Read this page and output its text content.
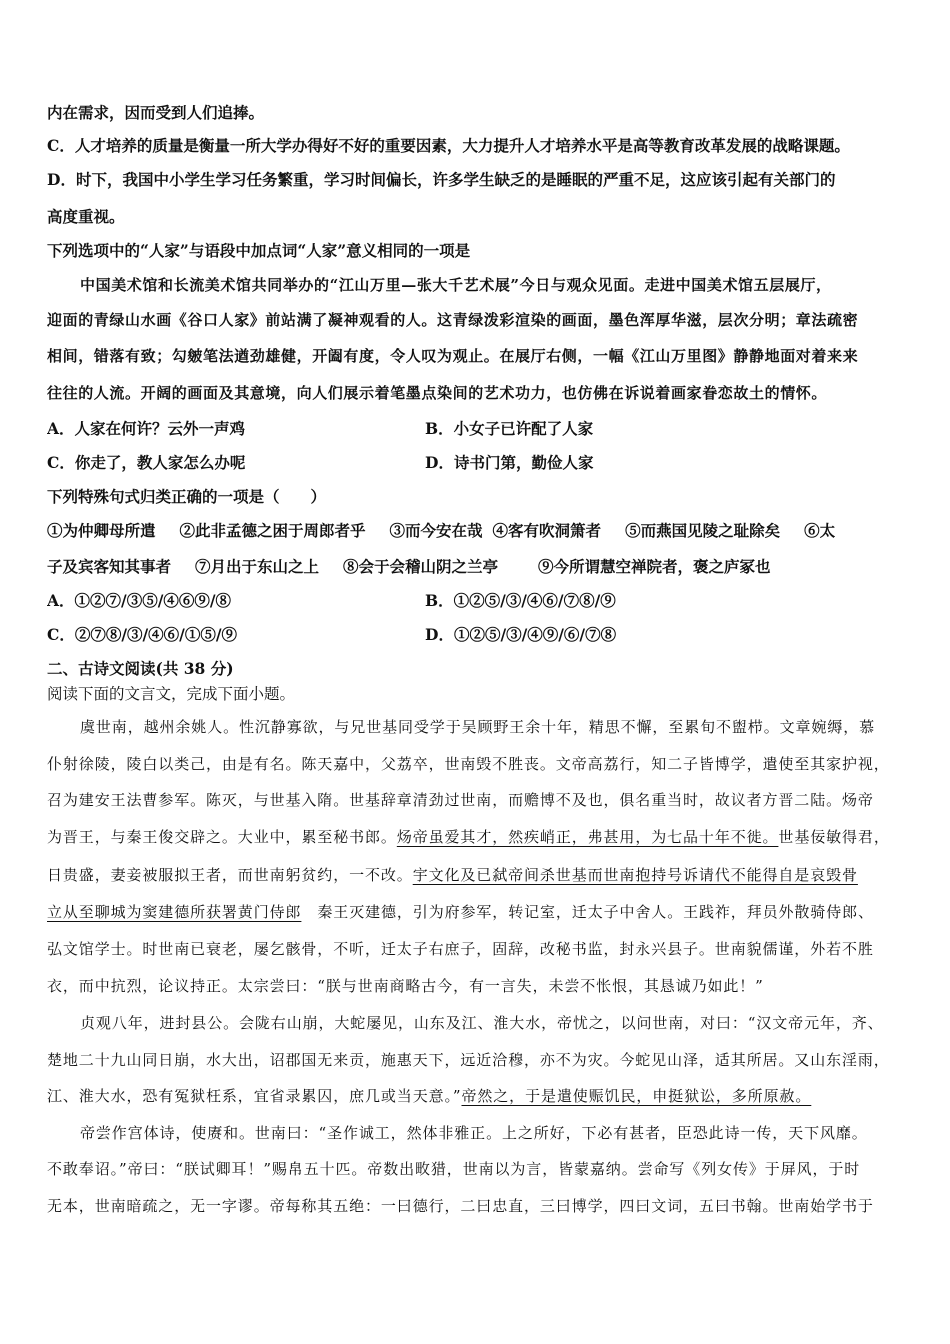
内在需求，因而受到人们追捧。
C．人才培养的质量是衡量一所大学办得好不好的重要因素，大力提升人才培养水平是高等教育改革发展的战略课题。
D．时下，我国中小学生学习任务繁重，学习时间偏长，许多学生缺乏的是睡眠的严重不足，这应该引起有关部门的
高度重视。
下列选项中的“人家”与语段中加点词“人家”意义相同的一项是
中国美术馆和长流美术馆共同举办的“江山万里—张大千艺术展”今日与观众见面。走进中国美术馆五层展厅，
迎面的青绿山水画《谷口人家》前站满了凝神观看的人。这青绿泼彩渲染的画面，墨色浑厚华滋，层次分明；章法疏密
相间，错落有致；勾皴笔法遒劲雄健，开阖有度，令人叹为观止。在展厅右侧，一幅《江山万里图》静静地面对着来来
往往的人流。开阔的画面及其意境，向人们展示着笔墨点染间的艺术功力，也仿佛在诉说着画家眷恋故土的情怀。
A．人家在何许？云外一声鸡	B．小女子已许配了人家
C．你走了，教人家怎么办呢	D．诗书门第，勤俭人家
下列特殊句式归类正确的一项是（　　）
①为仲卿母所遣 ②此非孟德之困于周郎者乎 ③而今安在哉 ④客有吹洞箫者 ⑤而燕国见陵之耻除矣 ⑥太
子及宾客知其事者 ⑦月出于东山之上 ⑧会于会稽山阴之兰亭	⑨今所谓慧空禅院者，褒之庐冢也
A．①②⑦/③⑤/④⑥⑨/⑧	B．①②⑤/③/④⑥/⑦⑧/⑨
C．②⑦⑧/③/④⑥/①⑤/⑨	D．①②⑤/③/④⑨/⑥/⑦⑧
二、古诗文阅读(共 38 分)
阅读下面的文言文，完成下面小题。
虞世南，越州余姚人。性沉静寡欲，与兄世基同受学于吴顾野王余十年，精思不懈，至累旬不盥栉。文章婉缛，慕
仆射徐陵，陵白以类己，由是有名。陈天嘉中，父荔卒，世南毁不胜丧。文帝高荔行，知二子皆博学，遣使至其家护视，
召为建安王法曹参军。陈灭，与世基入隋。世基辞章清劲过世南，而赡博不及也，俱名重当时，故议者方晋二陆。炀帝
为晋王，与秦王俊交辟之。大业中，累至秘书郎。炀帝虽爱其才，然疾峭正，弗甚用，为七品十年不徙。世基佞敏得君，
日贵盛，妻妾被服拟王者，而世南躬贫约，一不改。宇文化及已弑帝间杀世基而世南抱持号诉请代不能得自是哀毁骨
立从至聊城为窦建德所获署黄门侍郎 秦王灭建德，引为府参军，转记室，迁太子中舍人。王践祚，拜员外散骑侍郎、
弘文馆学士。时世南已衰老，屡乞骸骨，不听，迁太子右庶子，固辞，改秘书监，封永兴县子。世南貌儒谨，外若不胜
衣，而中抗烈，论议持正。太宗尝曰：“朕与世南商略古今，有一言失，未尝不怅恨，其恳诚乃如此！”
贞观八年，进封县公。会陇右山崩，大蛇屡见，山东及江、淮大水，帝忧之，以问世南，对曰：“汉文帝元年，齐、
楚地二十九山同日崩，水大出，诏郡国无来贡，施惠天下，远近洽穆，亦不为灾。今蛇见山泽，适其所居。又山东淫雨，
江、淮大水，恐有冤狱枉系，宜省录累囚，庶几或当天意。”帝然之，于是遣使赈饥民，申挺狱讼，多所原赦。
帝尝作宫体诗，使赓和。世南曰：“圣作诚工，然体非雅正。上之所好，下必有甚者，臣恐此诗一传，天下风靡。
不敢奉诏。”帝曰：“朕试卿耳！”赐帛五十匹。帝数出畋猎，世南以为言，皆蒙嘉纳。尝命写《列女传》于屏风，于时
无本，世南暗疏之，无一字谬。帝每称其五绝：一曰德行，二曰忠直，三曰博学，四曰文词，五曰书翰。世南始学书于
